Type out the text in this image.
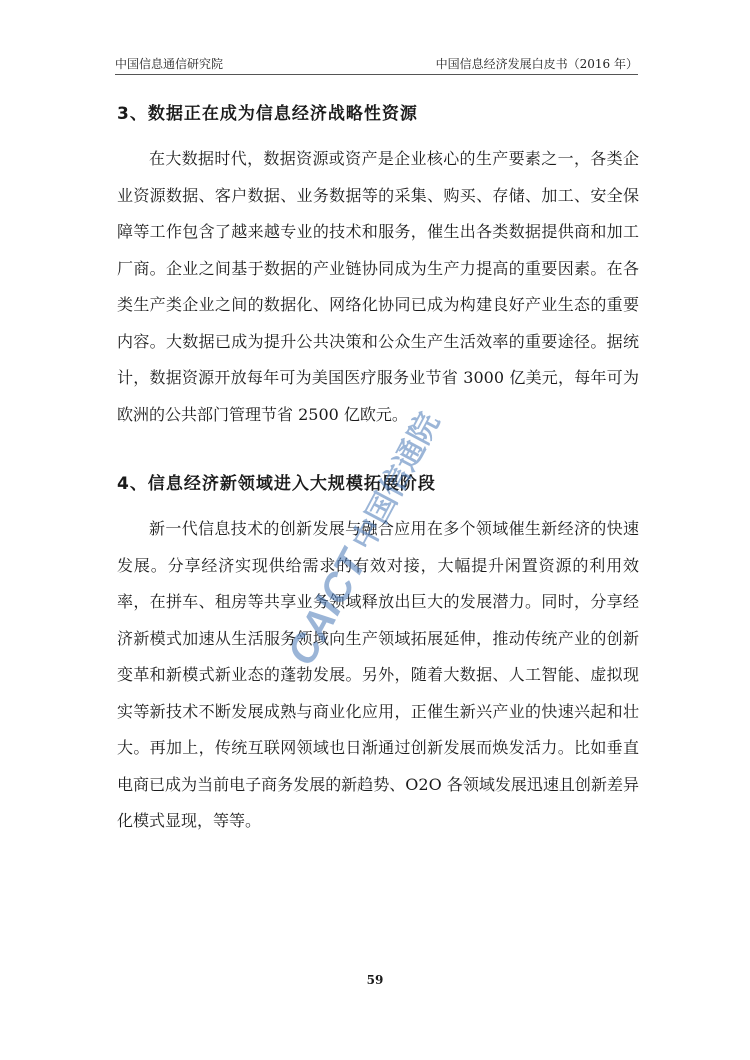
中国信息通信研究院	中国信息经济发展白皮书（2016 年）
3、数据正在成为信息经济战略性资源

在大数据时代，数据资源或资产是企业核心的生产要素之一，各类企业资源数据、客户数据、业务数据等的采集、购买、存储、加工、安全保障等工作包含了越来越专业的技术和服务，催生出各类数据提供商和加工厂商。企业之间基于数据的产业链协同成为生产力提高的重要因素。在各类生产类企业之间的数据化、网络化协同已成为构建良好产业生态的重要内容。大数据已成为提升公共决策和公众生产生活效率的重要途径。据统计，数据资源开放每年可为美国医疗服务业节省 3000 亿美元，每年可为欧洲的公共部门管理节省 2500 亿欧元。

4、信息经济新领域进入大规模拓展阶段

新一代信息技术的创新发展与融合应用在多个领域催生新经济的快速发展。分享经济实现供给需求的有效对接，大幅提升闲置资源的利用效率，在拼车、租房等共享业务领域释放出巨大的发展潜力。同时，分享经济新模式加速从生活服务领域向生产领域拓展延伸，推动传统产业的创新变革和新模式新业态的蓬勃发展。另外，随着大数据、人工智能、虚拟现实等新技术不断发展成熟与商业化应用，正催生新兴产业的快速兴起和壮大。再加上，传统互联网领域也日渐通过创新发展而焕发活力。比如垂直电商已成为当前电子商务发展的新趋势、O2O 各领域发展迅速且创新差异化模式显现，等等。

CAICT
中国信通院
59
